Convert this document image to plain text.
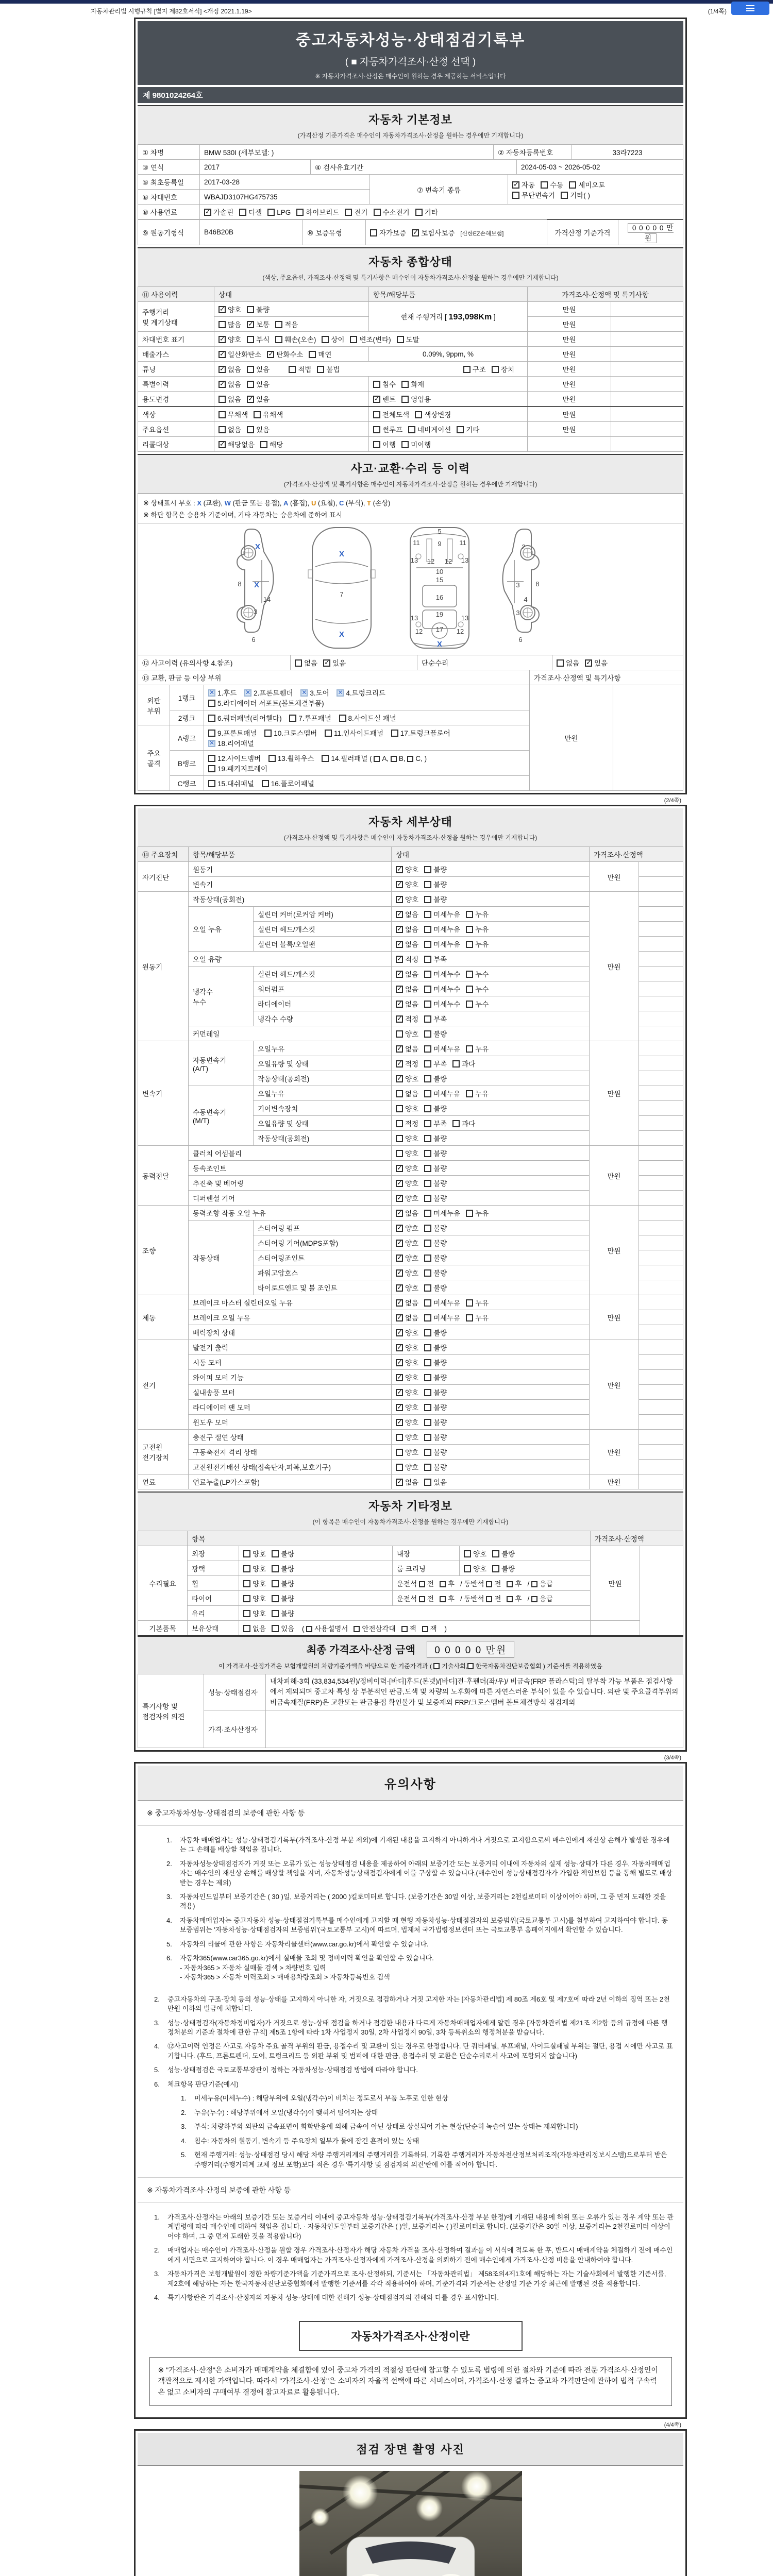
자동차관리법 시행규칙 [별지 제82호서식] <개정 2021.1.19>	(1/4쪽)
중고자동차성능·상태점검기록부
( ■ 자동차가격조사·산정 선택 )
※ 자동차가격조사·산정은 매수인이 원하는 경우 제공하는 서비스입니다
제 9801024264호
자동차 기본정보
(가격산정 기준가격은 매수인이 자동차가격조사·산정을 원하는 경우에만 기재합니다)
① 차명	BMW 530I (세부모델: )	② 자동차등록번호	33라7223
③ 연식	2017	④ 검사유효기간	2024-05-03 ~ 2026-05-02
⑤ 최초등록일	2017-03-28	⑦ 변속기 종류	✓자동 수동 세미오토
무단변속기 기타( )
⑥ 차대번호	WBAJD3107HG475735		
⑧ 사용연료	✓가솔린 디젤 LPG 하이브리드 전기 수소전기 기타
⑨ 원동기형식	B46B20B	⑩ 보증유형	자가보증 ✓ 보험사보증 [신한EZ손해보험]	가격산정 기준가격	0 0 0 0 0 만원
자동차 종합상태
(색상, 주요옵션, 가격조사·산정액 및 특기사항은 매수인이 자동차가격조사·산정을 원하는 경우에만 기재합니다)
⑪ 사용이력	상태	항목/해당부품	가격조사·산정액 및 특기사항	
주행거리
및 계기상태	✓양호 불량	현재 주행거리 [ 193,098Km ]	만원	
	많음 ✓ 보통 적음		만원	
차대번호 표기	✓양호 부식 훼손(오손) 상이 변조(변타) 도말		만원	
배출가스	✓일산화탄소 ✓ 탄화수소 매연	0.09%, 9ppm, %	만원	
튜닝	✓없음 있음 적법 불법 구조 장치		만원	
특별이력	✓없음 있음	침수 화재	만원	
용도변경	없음 ✓ 있음	✓렌트 영업용	만원	
색상	무채색 유채색	전체도색 색상변경	만원	
주요옵션	없음 있음	썬루프 네비게이션 기타	만원	
리콜대상	✓해당없음 해당	이행 미이행		
사고·교환·수리 등 이력
(가격조사·산정액 및 특기사항은 매수인이 자동차가격조사·산정을 원하는 경우에만 기재합니다)
※ 상태표시 부호 : X (교환), W (판금 또는 용접), A (흠집), U (요철), C (부식), T (손상)
※ 하단 항목은 승용차 기준이며, 기타 자동차는 승용차에 준하여 표시
X
8 X
14
3
6
X
7
X
5
11	9	11
13 12 12 13
10
15
16
13	19	13
12 17 12
X
2
3 8
4
3
6
⑫ 사고이력 (유의사항 4.참조)	없음 ✓ 있음	단순수리	없음 ✓ 있음
⑬ 교환, 판금 등 이상 부위	가격조사·산정액 및 특기사항
외판
부위	1랭크	✕1.후드 ✕ 2.프론트휀더 ✕ 3.도어 ✕ 4.트렁크리드
5.라디에이터 서포트(볼트체결부품)	만원	
	2랭크	6.쿼터패널(리어휀다) 7.루프패널 8.사이드실 패널		
주요
골격	A랭크	9.프론트패널 10.크로스멤버 11.인사이드패널 17.트렁크플로어
✕18.리어패널
	B랭크	12.사이드멤버 13.휠하우스 14.필러패널 ( A, B, C, )
19.패키지트레이		
	C랭크	15.대쉬패널 16.플로어패널		
(2/4쪽)
자동차 세부상태
(가격조사·산정액 및 특기사항은 매수인이 자동차가격조사·산정을 원하는 경우에만 기재합니다)
⑭ 주요장치	항목/해당부품		상태	가격조사·산정액	
자기진단	원동기	✓양호 불량	만원	
	변속기	✓양호 불량	
원동기	작동상태(공회전)	✓양호 불량	만원	
	오일 누유	실린더 커버(로커암 커버)	✓없음 미세누유 누유	
		실린더 헤드/개스킷	✓없음 미세누유 누유	
		실린더 블록/오일팬	✓없음 미세누유 누유	
	오일 유량	✓적정 부족	
	냉각수
누수	실린더 헤드/개스킷	✓없음 미세누수 누수	
		워터펌프	✓없음 미세누수 누수	
		라디에이터	✓없음 미세누수 누수	
		냉각수 수량	✓적정 부족	
	커먼레일		양호 불량		
변속기	자동변속기
(A/T)	오일누유	✓없음 미세누유 누유	만원	
		오일유량 및 상태	✓적정 부족 과다	
		작동상태(공회전)	✓양호 불량	
	수동변속기
(M/T)	오일누유	없음 미세누유 누유		
		기어변속장치	양호 불량		
		오일유량 및 상태	적정 부족 과다		
		작동상태(공회전)	양호 불량		
동력전달	클러치 어셈블리		양호 불량	만원	
	등속조인트	✓양호 불량	
	추진축 및 베어링	✓양호 불량	
	디퍼렌셜 기어	✓양호 불량	
조향	동력조향 작동 오일 누유	✓없음 미세누유 누유	만원	
	작동상태	스티어링 펌프	✓양호 불량	
		스티어링 기어(MDPS포함)	✓양호 불량	
		스티어링조인트	✓양호 불량	
		파워고압호스	✓양호 불량	
		타이로드엔드 및 볼 조인트	✓양호 불량	
제동	브레이크 마스터 실린더오일 누유	✓없음 미세누유 누유	만원	
	브레이크 오일 누유	✓없음 미세누유 누유	
	배력장치 상태	✓양호 불량	
전기	발전기 출력	✓양호 불량	만원	
	시동 모터	✓양호 불량	
	와이퍼 모터 기능	✓양호 불량	
	실내송풍 모터	✓양호 불량	
	라디에이터 팬 모터	✓양호 불량	
	윈도우 모터	✓양호 불량	
고전원
전기장치	충전구 절연 상태		양호 불량	만원	
	구동축전지 격리 상태		양호 불량		
	고전원전기배선 상태(접속단자,피복,보호기구)		양호 불량		
연료	연료누출(LP가스포함)	✓없음 있음	만원	
자동차 기타정보
(이 항목은 매수인이 자동차가격조사·산정을 원하는 경우에만 기재합니다)
	항목				가격조사·산정액	
수리필요	외장	양호 불량	내장	양호 불량	만원	
	광택	양호 불량	룸 크리닝	양호 불량		
	휠	양호 불량	운전석 전 후 / 동반석 전 후 / 응급			
	타이어	양호 불량	운전석 전 후 / 동반석 전 후 / 응급			
	유리	양호 불량				
기본품목	보유상태	없음 있음 ( 사용설명서 안전삼각대 잭 잭 )				
최종 가격조사·산정 금액 0 0 0 0 0 만원
이 가격조사·산정가격은 보험개발원의 차량기준가액을 바탕으로 한 기준가격과 ( 기술사회, 한국자동차진단보증협회 ) 기준서를 적용하였음
특기사항 및
점검자의 의견	성능·상태점검자	내차피해-3회 (33,834,534원)/정비이력-[바디]후드(본넷)/[바디]전·후펜더(좌/우)/ 비금속(FRP 플라스틱)의 탈부착 가능 부품은 점검사항에서 제외되며 중고차 특성 상 부분적인 판금,도색 및 차량의 노후화에 따른 자연스러운 부식이 있을 수 있습니다. 외판 및 주요골격부위의 비금속재질(FRP)은 교환또는 판금용접 확인불가 및 보증제외 FRP/크로스멤버 볼트체결방식 점검제외
	가격·조사산정자	
(3/4쪽)
유의사항
※ 중고자동차성능·상태점검의 보증에 관한 사항 등
1.	자동차 매매업자는 성능·상태점검기록부(가격조사·산정 부분 제외)에 기재된 내용을 고지하지 아니하거나 거짓으로 고지함으로써 매수인에게 재산상 손해가 발생한 경우에는 그 손해를 배상할 책임을 집니다.
2.	자동차성능상태점검자가 거짓 또는 오류가 있는 성능상태점검 내용을 제공하여 아래의 보증기간 또는 보증거리 이내에 자동차의 실제 성능·상태가 다른 경우, 자동차매매업자는 매수인의 재산상 손해를 배상할 책임을 지며, 자동차성능상태점검자에게 이를 구상할 수 있습니다.(매수인이 성능상태점검자가 가입한 책임보험 등을 통해 별도로 배상받는 경우는 제외)
3.	자동차인도일부터 보증기간은 ( 30 )일, 보증거리는 ( 2000 )킬로미터로 합니다. (보증기간은 30일 이상, 보증거리는 2천킬로미터 이상이어야 하며, 그 중 먼저 도래한 것을 적용)
4.	자동차매매업자는 중고자동차 성능·상태점검기록부를 매수인에게 고지할 때 현행 자동차성능·상태점검자의 보증범위(국토교통부 고시)를 첨부하여 고지하여야 합니다. 동 보증범위는 '자동차성능·상태점검자의 보증범위'(국토교통부 고시)에 따르며, 법제처 국가법령정보센터 또는 국토교통부 홈페이지에서 확인할 수 있습니다.
5.	자동차의 리콜에 관한 사항은 자동차리콜센터(www.car.go.kr)에서 확인할 수 있습니다.
6.	자동차365(www.car365.go.kr)에서 실매물 조회 및 정비이력 확인을 확인할 수 있습니다.
- 자동차365 > 자동차 실매물 검색 > 차량번호 입력
- 자동차365 > 자동차 이력조회 > 매매용차량조회 > 자동차등록번호 검색
2.	중고자동차의 구조·장치 등의 성능·상태를 고지하지 아니한 자, 거짓으로 점검하거나 거짓 고지한 자는 [자동차관리법] 제 80조 제6호 및 제7호에 따라 2년 이하의 징역 또는 2천만원 이하의 벌금에 처합니다.
3.	성능·상태점검자(자동차정비업자)가 거짓으로 성능·상태 점검을 하거나 점검한 내용과 다르게 자동차매매업자에게 알린 경우 [자동차관리법 제21조 제2항 등의 규정에 따른 행정처분의 기준과 절차에 관한 규칙] 제5조 1항에 따라 1차 사업정지 30일, 2차 사업정지 90일, 3차 등록취소의 행정처분을 받습니다.
4.	⑫사고이력 인정은 사고로 자동차 주요 골격 부위의 판금, 용접수리 및 교환이 있는 경우로 한정합니다. 단 쿼터패널, 루프패널, 사이드실패널 부위는 절단, 용접 시에만 사고로 표기합니다. (후드, 프론트펜더, 도어, 트렁크리드 등 외판 부위 및 범퍼에 대한 판금, 용접수리 및 교환은 단순수리로서 사고에 포함되지 않습니다)
5.	성능·상태점검은 국토교통부장관이 정하는 자동차성능·상태점검 방법에 따라야 합니다.
6.	체크항목 판단기준(예시)
1.	미세누유(미세누수) : 해당부위에 오일(냉각수)이 비치는 정도로서 부품 노후로 인한 현상
2.	누유(누수) : 해당부위에서 오일(냉각수)이 맺혀서 떨어지는 상태
3.	부식: 차량하부와 외판의 금속표면이 화학반응에 의해 금속이 아닌 상태로 상실되어 가는 현상(단순히 녹슬어 있는 상태는 제외합니다)
4.	침수: 자동차의 원동기, 변속기 등 주요장치 일부가 물에 잠긴 흔적이 있는 상태
5.	현재 주행거리: 성능·상태점검 당시 해당 차량 주행거리계의 주행거리를 기록하되, 기록한 주행거리가 자동차전산정보처리조직(자동차관리정보시스템)으로부터 받은 주행거리(주행거리계 교체 정보 포함)보다 적은 경우 '특기사항 및 점검자의 의견'란에 이를 적어야 합니다.
※ 자동차가격조사·산정의 보증에 관한 사항 등
1.	가격조사·산정자는 아래의 보증기간 또는 보증거리 이내에 중고자동차 성능·상태점검기록부(가격조사·산정 부분 한정)에 기재된 내용에 허위 또는 오류가 있는 경우 계약 또는 관계법령에 따라 매수인에 대하여 책임을 집니다. · 자동차인도일부터 보증기간은 ( )일, 보증거리는 ( )킬로미터로 합니다. (보증기간은 30일 이상, 보증거리는 2천킬로미터 이상이어야 하며, 그 중 먼저 도래한 것을 적용합니다)
2.	매매업자는 매수인이 가격조사·산정을 원할 경우 가격조사·산정자가 해당 자동차 가격을 조사·산정하여 결과를 이 서식에 적도록 한 후, 반드시 매매계약을 체결하기 전에 매수인에게 서면으로 고지하여야 합니다. 이 경우 매매업자는 가격조사·산정자에게 가격조사·산정을 의뢰하기 전에 매수인에게 가격조사·산정 비용을 안내하여야 합니다.
3.	자동차가격은 보험개발원이 정한 차량기준가액을 기준가격으로 조사·산정하되, 기준서는 「자동차관리법」 제58조의4제1호에 해당하는 자는 기술사회에서 발행한 기준서를, 제2호에 해당하는 자는 한국자동차진단보증협회에서 발행한 기준서를 각각 적용하여야 하며, 기준가격과 기준서는 산정일 기준 가장 최근에 발행된 것을 적용합니다.
4.	특기사항란은 가격조사·산정자의 자동차 성능·상태에 대한 견해가 성능·상태점검자의 견해와 다를 경우 표시합니다.
자동차가격조사·산정이란
※ "가격조사·산정"은 소비자가 매매계약을 체결함에 있어 중고차 가격의 적절성 판단에 참고할 수 있도록 법령에 의한 절차와 기준에 따라 전문 가격조사·산정인이 객관적으로 제시한 가액입니다. 따라서 "가격조사·산정"은 소비자의 자율적 선택에 따른 서비스이며, 가격조사·산정 결과는 중고차 가격판단에 관하여 법적 구속력은 없고 소비자의 구매여부 결정에 참고자료로 활용됩니다.
(4/4쪽)
점검 장면 촬영 사진
